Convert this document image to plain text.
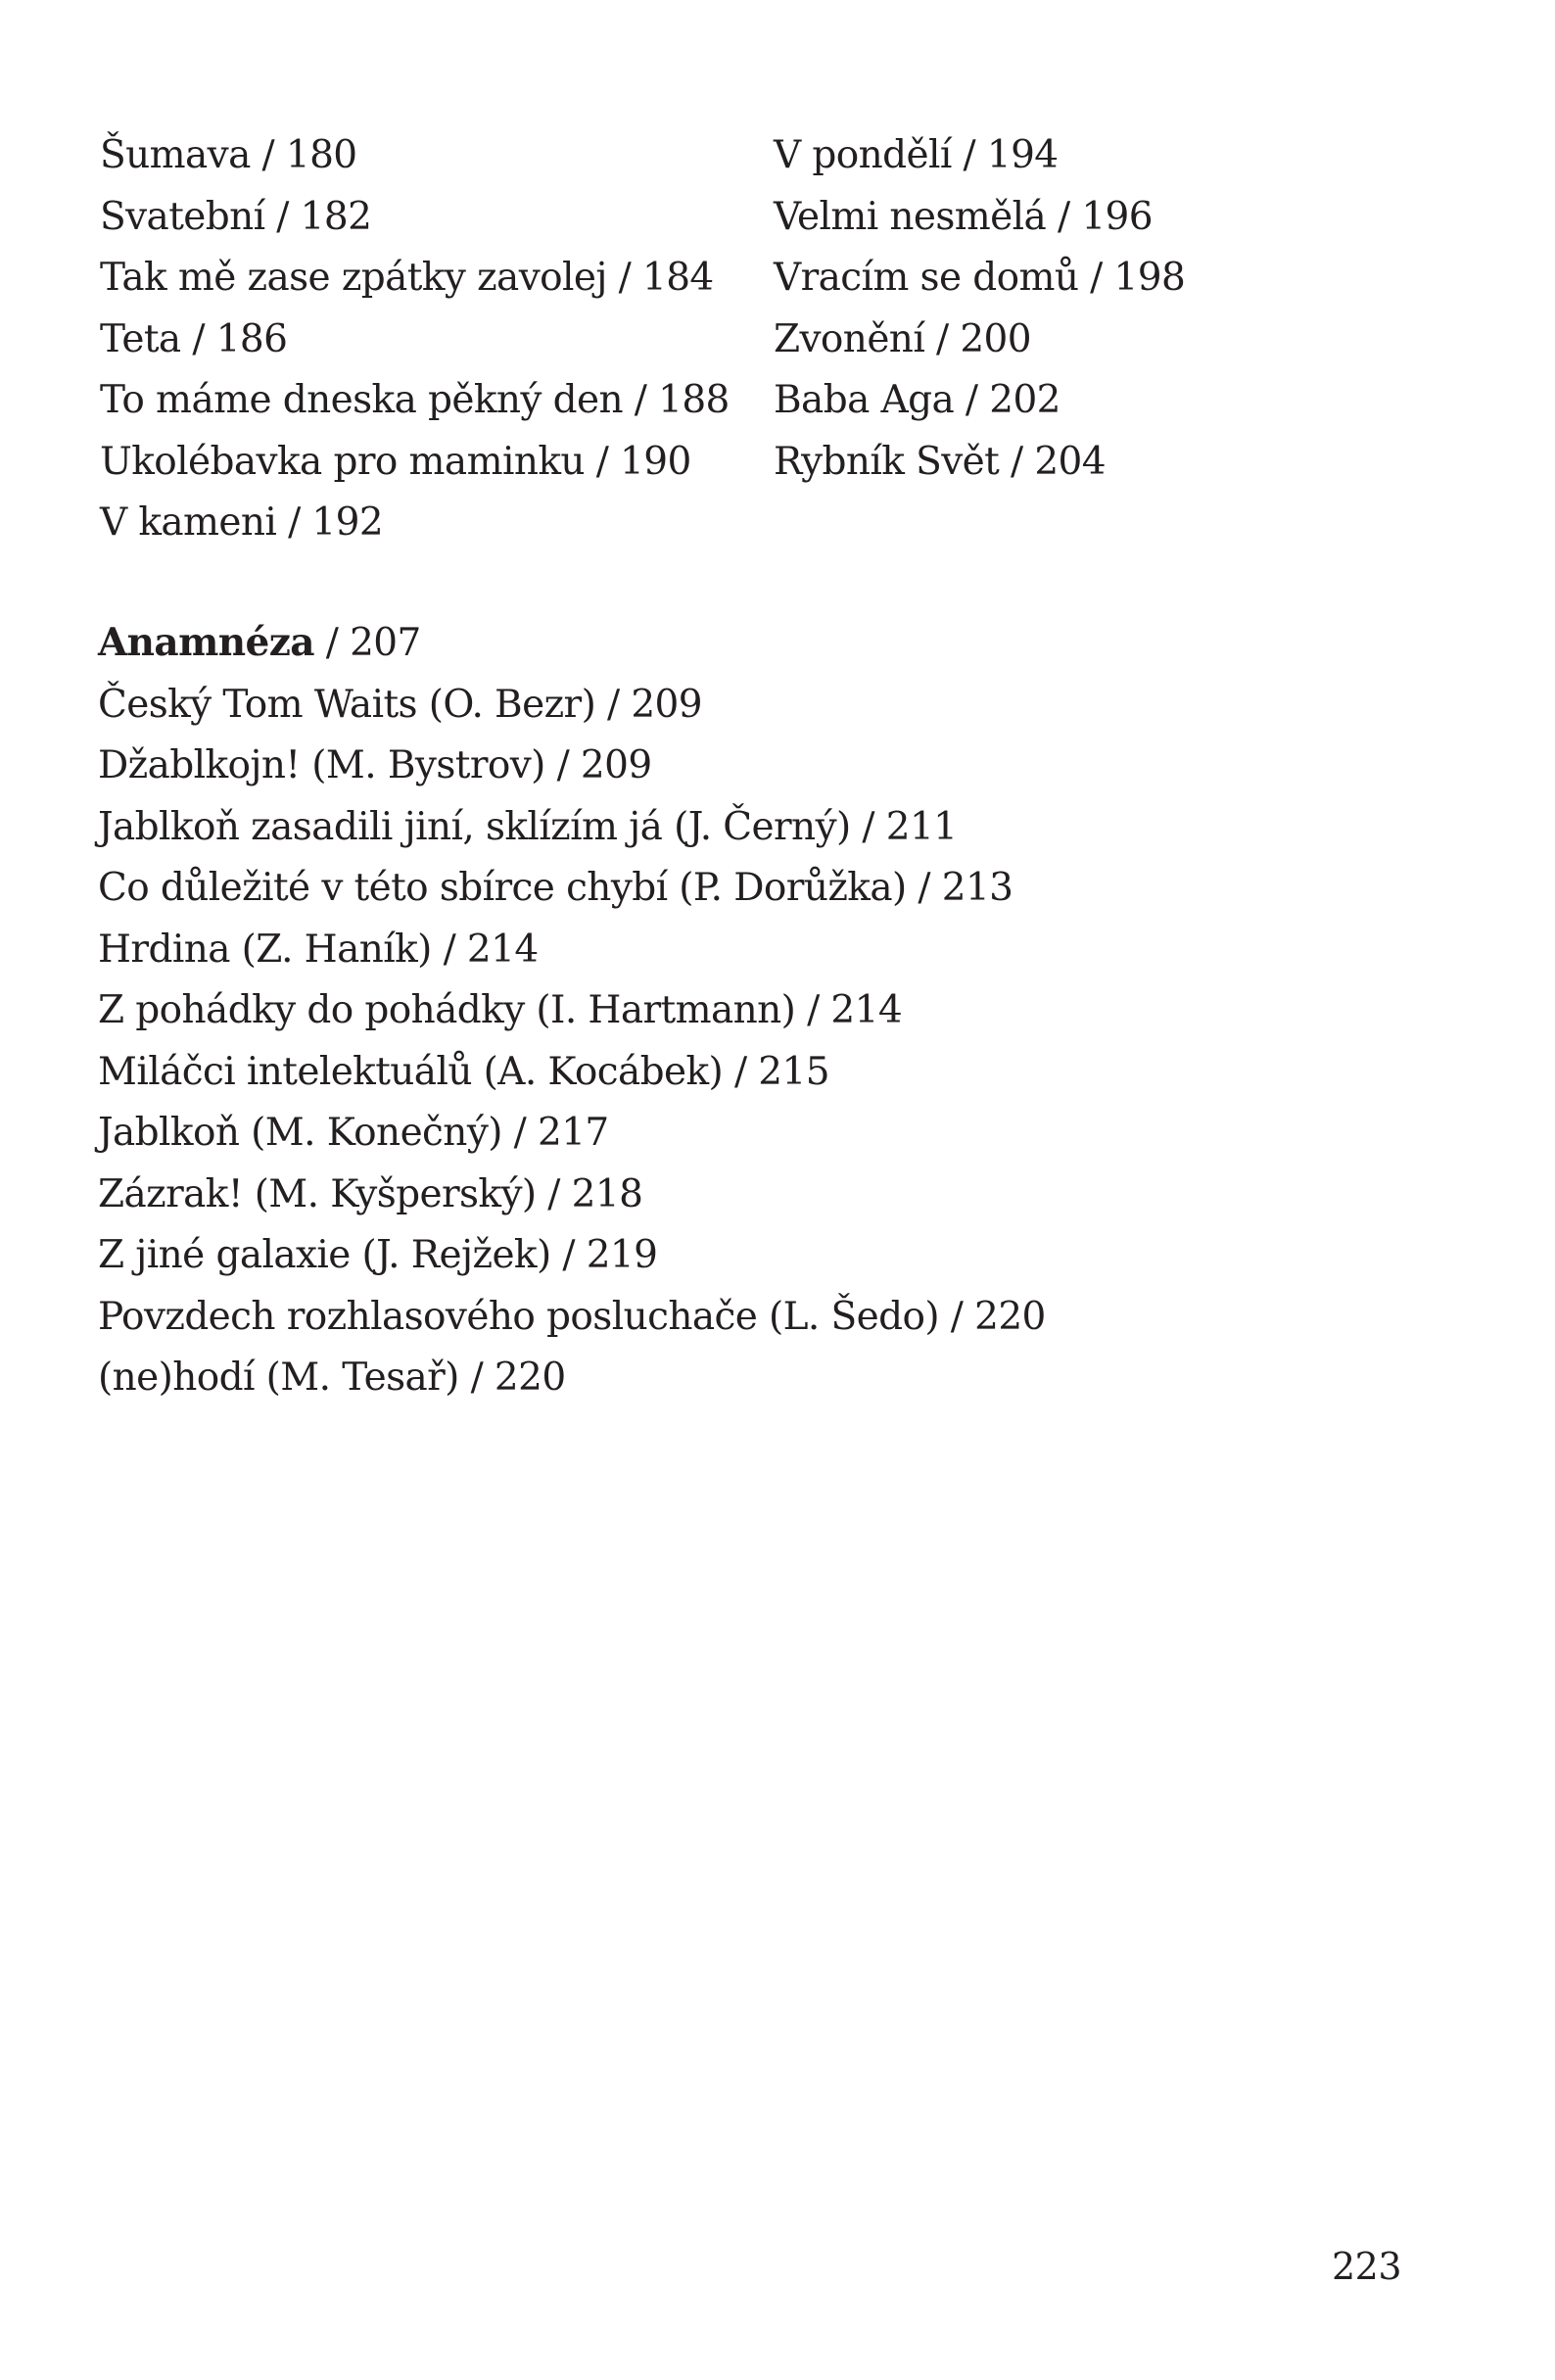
Šumava / 180
Svatební / 182
Tak mě zase zpátky zavolej / 184
Teta / 186
To máme dneska pěkný den / 188
Ukolébavka pro maminku / 190
V kameni / 192
V pondělí / 194
Velmi nesmělá / 196
Vracím se domů / 198
Zvonění / 200
Baba Aga / 202
Rybník Svět / 204
Anamnéza / 207
Český Tom Waits (O. Bezr) / 209
Džablkojn! (M. Bystrov) / 209
Jablkoň zasadili jiní, sklízím já (J. Černý) / 211
Co důležité v této sbírce chybí (P. Dorůžka) / 213
Hrdina (Z. Haník) / 214
Z pohádky do pohádky (I. Hartmann) / 214
Miláčci intelektuálů (A. Kocábek) / 215
Jablkoň (M. Konečný) / 217
Zázrak! (M. Kyšperský) / 218
Z jiné galaxie (J. Rejžek) / 219
Povzdech rozhlasového posluchače (L. Šedo) / 220
(ne)hodí (M. Tesař) / 220
223
